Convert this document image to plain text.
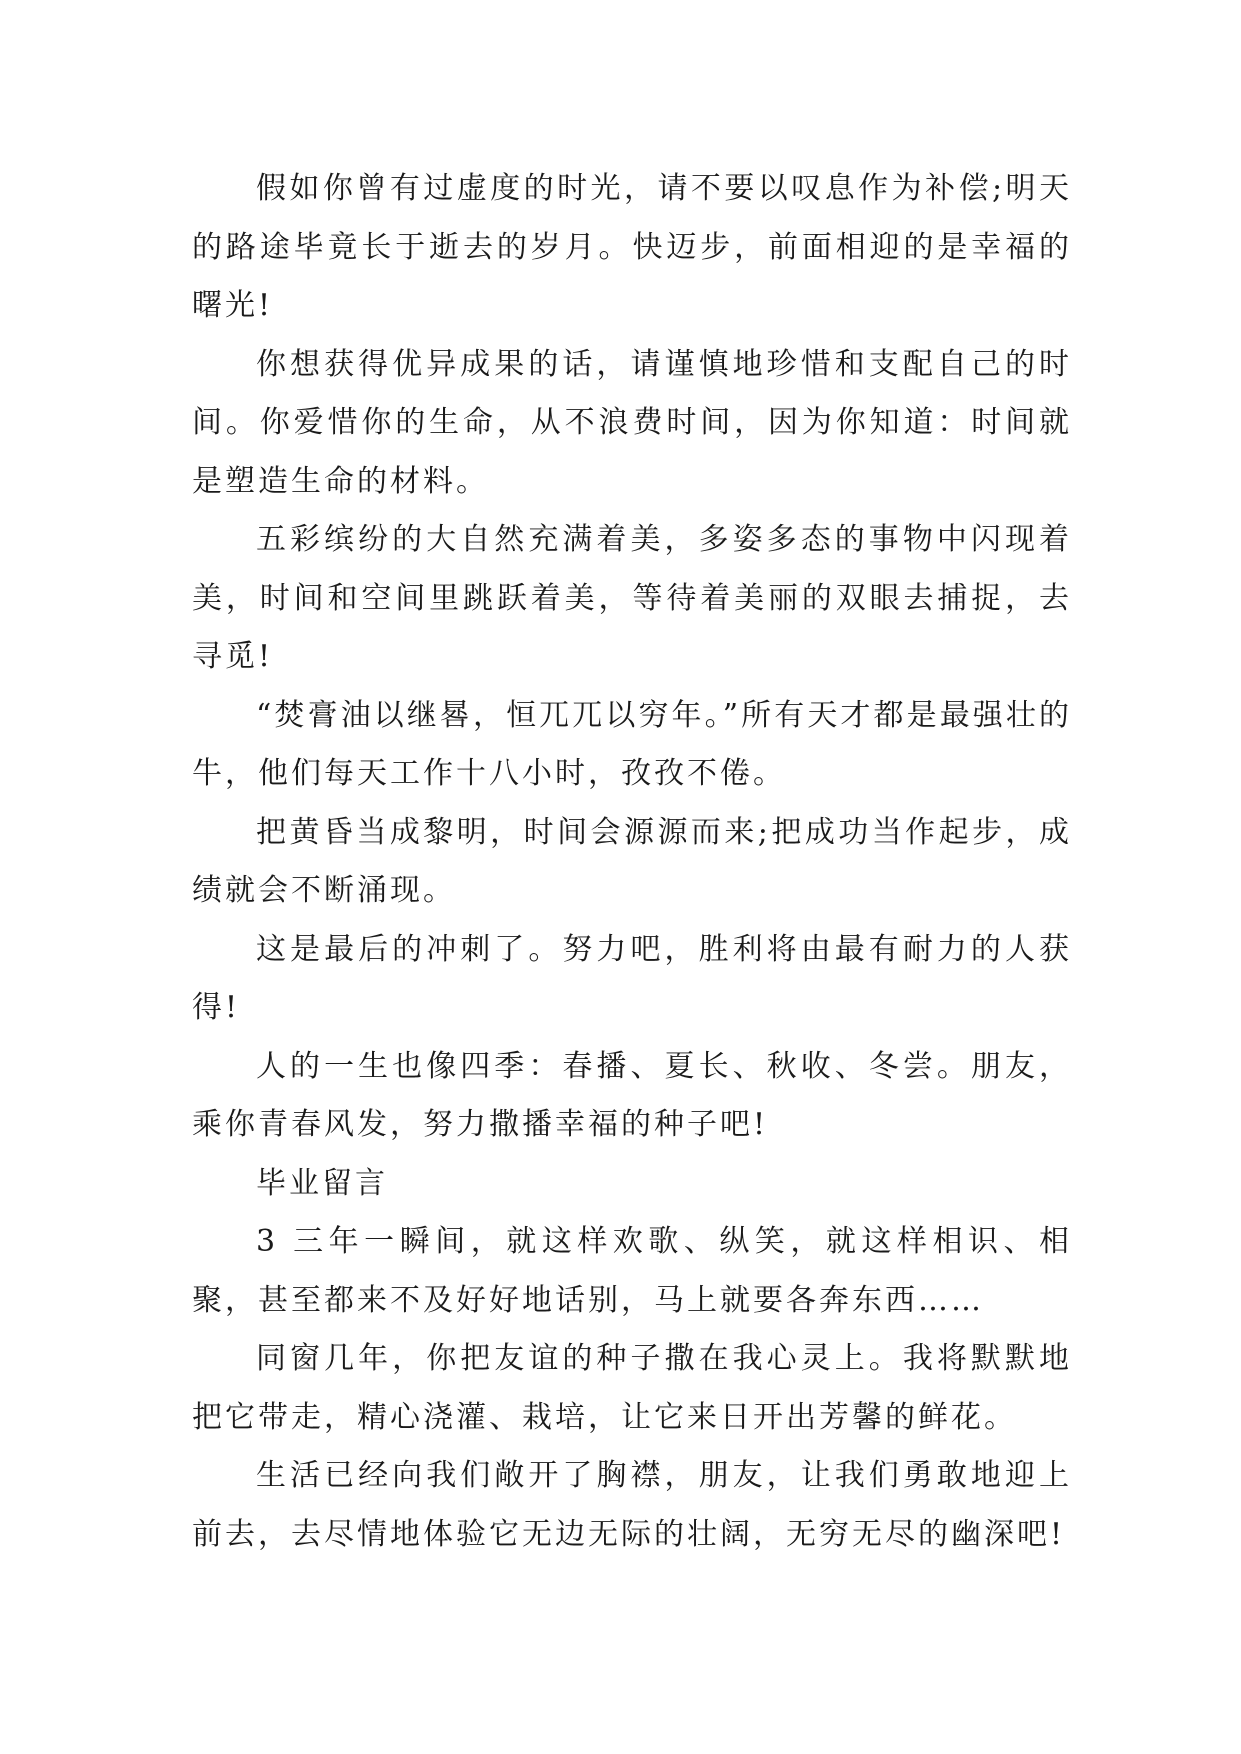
假如你曾有过虚度的时光，请不要以叹息作为补偿;明天的路途毕竟长于逝去的岁月。快迈步，前面相迎的是幸福的曙光!

你想获得优异成果的话，请谨慎地珍惜和支配自己的时间。你爱惜你的生命，从不浪费时间，因为你知道：时间就是塑造生命的材料。

五彩缤纷的大自然充满着美，多姿多态的事物中闪现着美，时间和空间里跳跃着美，等待着美丽的双眼去捕捉，去寻觅!

“焚膏油以继晷，恒兀兀以穷年。”所有天才都是最强壮的牛，他们每天工作十八小时，孜孜不倦。

把黄昏当成黎明，时间会源源而来;把成功当作起步，成绩就会不断涌现。

这是最后的冲刺了。努力吧，胜利将由最有耐力的人获得!

人的一生也像四季：春播、夏长、秋收、冬尝。朋友，乘你青春风发，努力撒播幸福的种子吧!

毕业留言

3 三年一瞬间，就这样欢歌、纵笑，就这样相识、相聚，甚至都来不及好好地话别，马上就要各奔东西……

同窗几年，你把友谊的种子撒在我心灵上。我将默默地把它带走，精心浇灌、栽培，让它来日开出芳馨的鲜花。

生活已经向我们敞开了胸襟，朋友，让我们勇敢地迎上前去，去尽情地体验它无边无际的壮阔，无穷无尽的幽深吧!
